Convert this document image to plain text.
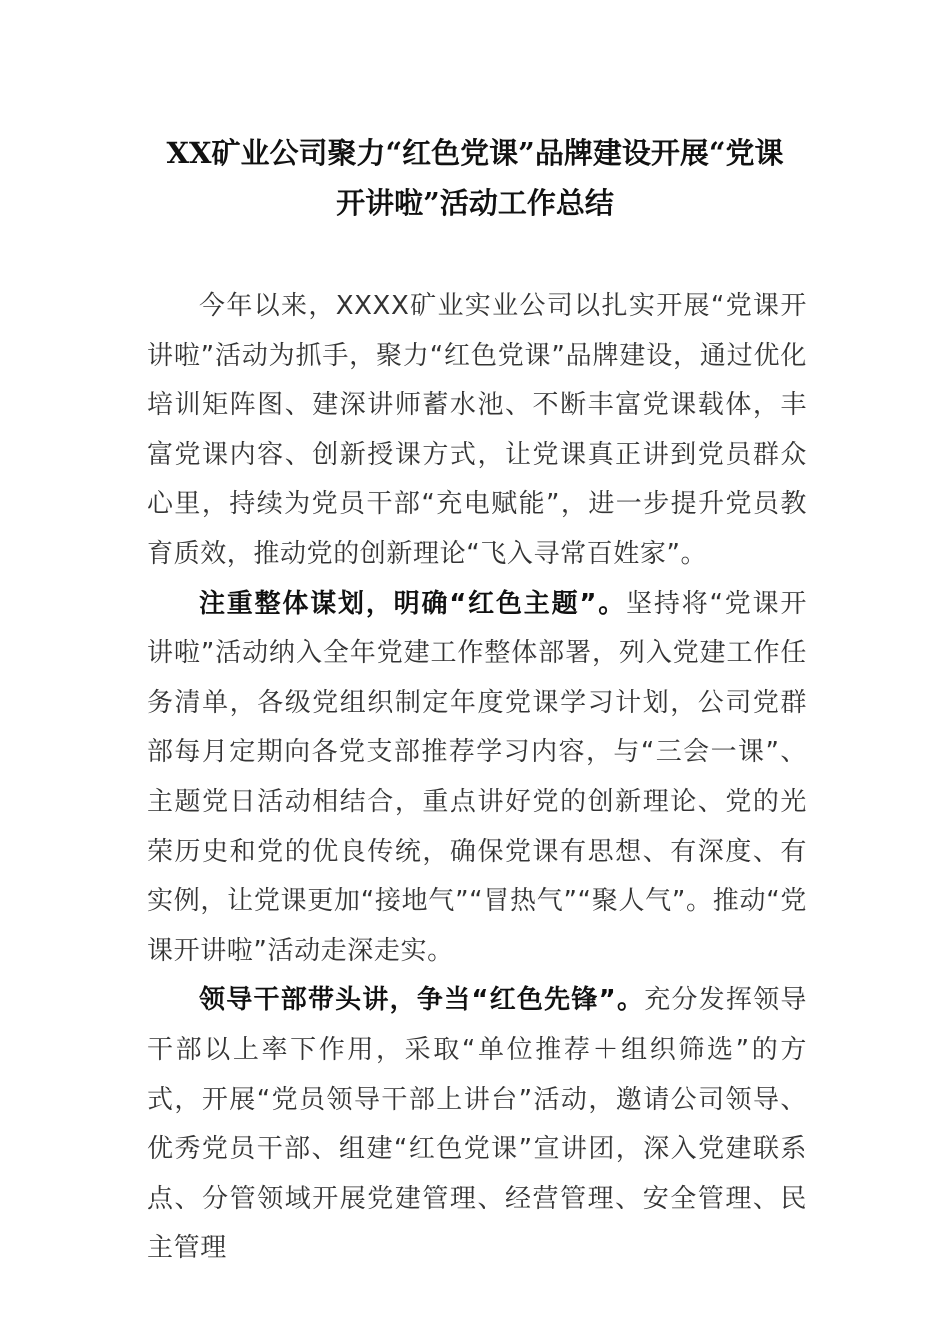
XX矿业公司聚力“红色党课”品牌建设开展“党课
开讲啦”活动工作总结

今年以来，XXXX矿业实业公司以扎实开展“党课开讲啦”活动为抓手，聚力“红色党课”品牌建设，通过优化培训矩阵图、建深讲师蓄水池、不断丰富党课载体，丰富党课内容、创新授课方式，让党课真正讲到党员群众心里，持续为党员干部“充电赋能”，进一步提升党员教育质效，推动党的创新理论“飞入寻常百姓家”。

注重整体谋划，明确“红色主题”。坚持将“党课开讲啦”活动纳入全年党建工作整体部署，列入党建工作任务清单，各级党组织制定年度党课学习计划，公司党群部每月定期向各党支部推荐学习内容，与“三会一课”、主题党日活动相结合，重点讲好党的创新理论、党的光荣历史和党的优良传统，确保党课有思想、有深度、有实例，让党课更加“接地气”“冒热气”“聚人气”。推动“党课开讲啦”活动走深走实。

领导干部带头讲，争当“红色先锋”。充分发挥领导干部以上率下作用，采取“单位推荐＋组织筛选”的方式，开展“党员领导干部上讲台”活动，邀请公司领导、优秀党员干部、组建“红色党课”宣讲团，深入党建联系点、分管领域开展党建管理、经营管理、安全管理、民主管理
